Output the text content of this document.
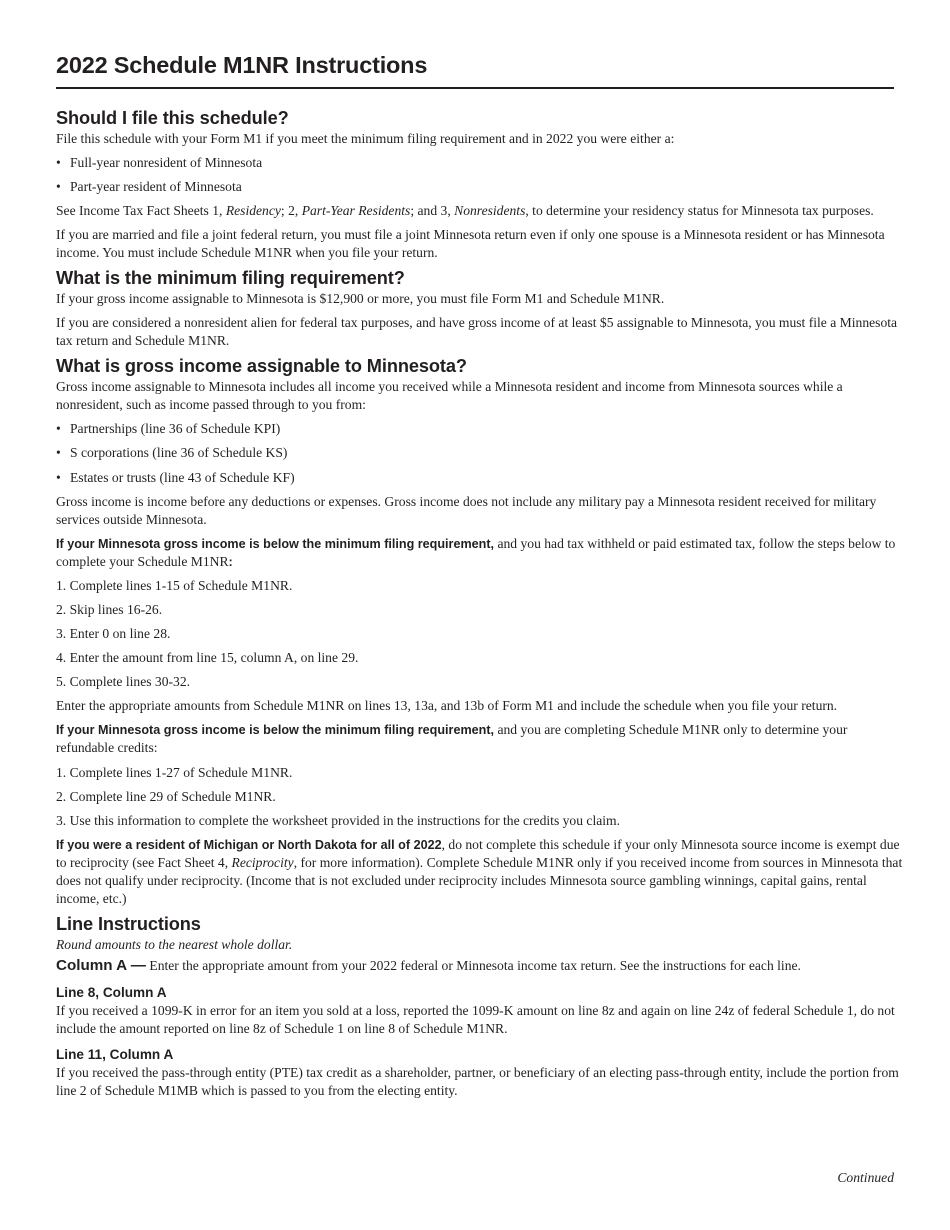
2022 Schedule M1NR Instructions
Should I file this schedule?

File this schedule with your Form M1 if you meet the minimum filing requirement and in 2022 you were either a:

• Full-year nonresident of Minnesota

• Part-year resident of Minnesota

See Income Tax Fact Sheets 1, Residency; 2, Part-Year Residents; and 3, Nonresidents, to determine your residency status for Minnesota tax purposes.

If you are married and file a joint federal return, you must file a joint Minnesota return even if only one spouse is a Minnesota resident or has Minnesota income. You must include Schedule M1NR when you file your return.

What is the minimum filing requirement?

If your gross income assignable to Minnesota is $12,900 or more, you must file Form M1 and Schedule M1NR.

If you are considered a nonresident alien for federal tax purposes, and have gross income of at least $5 assignable to Minnesota, you must file a Minnesota tax return and Schedule M1NR.

What is gross income assignable to Minnesota?

Gross income assignable to Minnesota includes all income you received while a Minnesota resident and income from Minnesota sources while a nonresident, such as income passed through to you from:

• Partnerships (line 36 of Schedule KPI)

• S corporations (line 36 of Schedule KS)

• Estates or trusts (line 43 of Schedule KF)

Gross income is income before any deductions or expenses. Gross income does not include any military pay a Minnesota resident received for military services outside Minnesota.

If your Minnesota gross income is below the minimum filing requirement, and you had tax withheld or paid estimated tax, follow the steps below to complete your Schedule M1NR:

1. Complete lines 1-15 of Schedule M1NR.

2. Skip lines 16-26.

3. Enter 0 on line 28.

4. Enter the amount from line 15, column A, on line 29.

5. Complete lines 30-32.

Enter the appropriate amounts from Schedule M1NR on lines 13, 13a, and 13b of Form M1 and include the schedule when you file your return.

If your Minnesota gross income is below the minimum filing requirement, and you are completing Schedule M1NR only to determine your refundable credits:

1. Complete lines 1-27 of Schedule M1NR.

2. Complete line 29 of Schedule M1NR.

3. Use this information to complete the worksheet provided in the instructions for the credits you claim.

If you were a resident of Michigan or North Dakota for all of 2022, do not complete this schedule if your only Minnesota source income is exempt due to reciprocity (see Fact Sheet 4, Reciprocity, for more information). Complete Schedule M1NR only if you received income from sources in Minnesota that does not qualify under reciprocity. (Income that is not excluded under reciprocity includes Minnesota source gambling winnings, capital gains, rental income, etc.)

Line Instructions

Round amounts to the nearest whole dollar.

Column A — Enter the appropriate amount from your 2022 federal or Minnesota income tax return. See the instructions for each line.

Line 8, Column A

If you received a 1099-K in error for an item you sold at a loss, reported the 1099-K amount on line 8z and again on line 24z of federal Schedule 1, do not include the amount reported on line 8z of Schedule 1 on line 8 of Schedule M1NR.

Line 11, Column A

If you received the pass-through entity (PTE) tax credit as a shareholder, partner, or beneficiary of an electing pass-through entity, include the portion from line 2 of Schedule M1MB which is passed to you from the electing entity.

Continued
